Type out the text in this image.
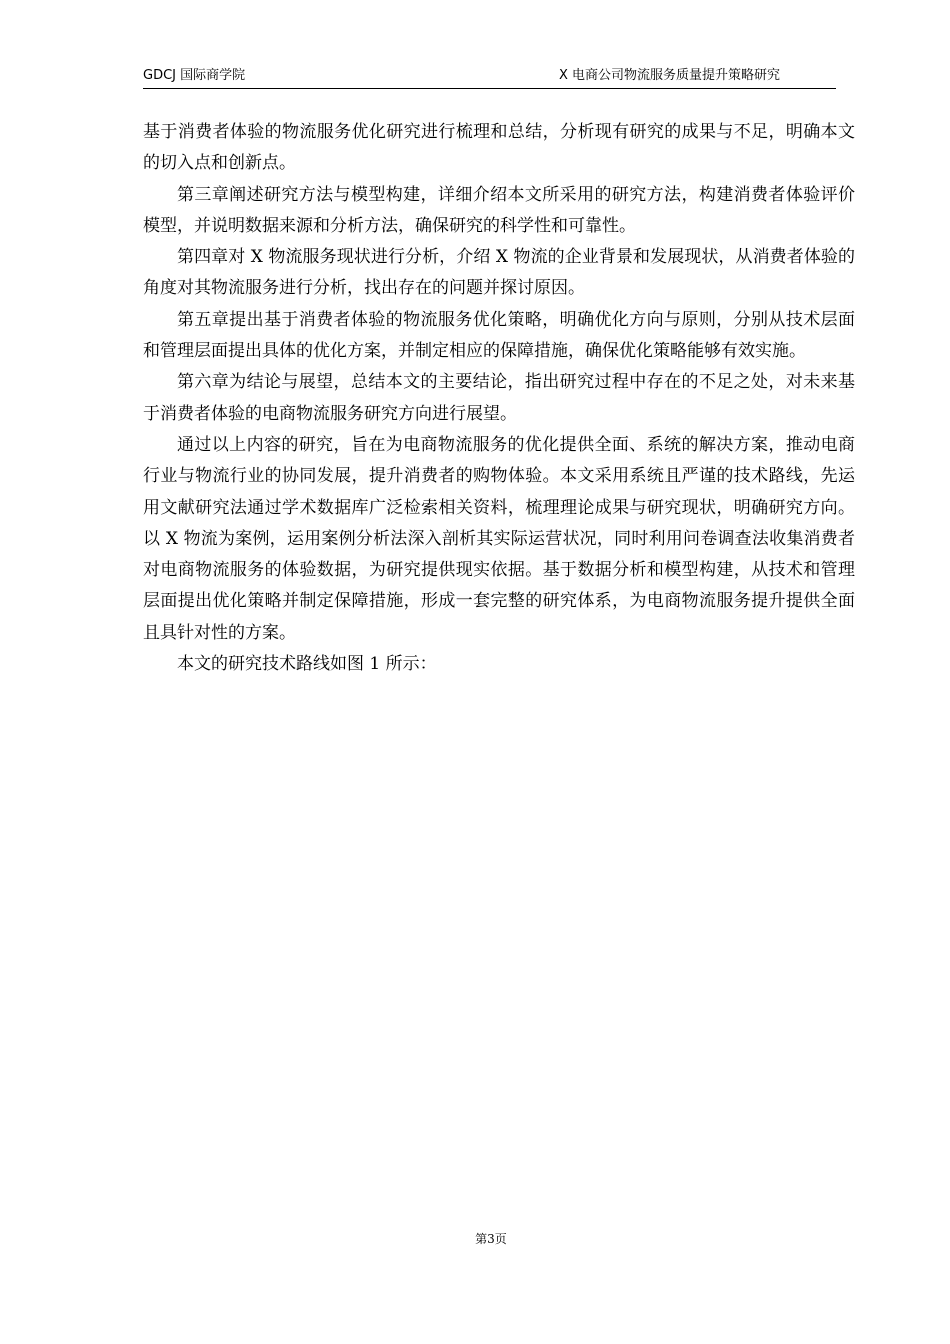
GDCJ 国际商学院	X 电商公司物流服务质量提升策略研究

基于消费者体验的物流服务优化研究进行梳理和总结，分析现有研究的成果与不足，明确本文的切入点和创新点。

第三章阐述研究方法与模型构建，详细介绍本文所采用的研究方法，构建消费者体验评价模型，并说明数据来源和分析方法，确保研究的科学性和可靠性。

第四章对 X 物流服务现状进行分析，介绍 X 物流的企业背景和发展现状，从消费者体验的角度对其物流服务进行分析，找出存在的问题并探讨原因。

第五章提出基于消费者体验的物流服务优化策略，明确优化方向与原则，分别从技术层面和管理层面提出具体的优化方案，并制定相应的保障措施，确保优化策略能够有效实施。

第六章为结论与展望，总结本文的主要结论，指出研究过程中存在的不足之处，对未来基于消费者体验的电商物流服务研究方向进行展望。

通过以上内容的研究，旨在为电商物流服务的优化提供全面、系统的解决方案，推动电商行业与物流行业的协同发展，提升消费者的购物体验。本文采用系统且严谨的技术路线，先运用文献研究法通过学术数据库广泛检索相关资料，梳理理论成果与研究现状，明确研究方向。以 X 物流为案例，运用案例分析法深入剖析其实际运营状况，同时利用问卷调查法收集消费者对电商物流服务的体验数据，为研究提供现实依据。基于数据分析和模型构建，从技术和管理层面提出优化策略并制定保障措施，形成一套完整的研究体系，为电商物流服务提升提供全面且具针对性的方案。

本文的研究技术路线如图 1 所示：

第3页
